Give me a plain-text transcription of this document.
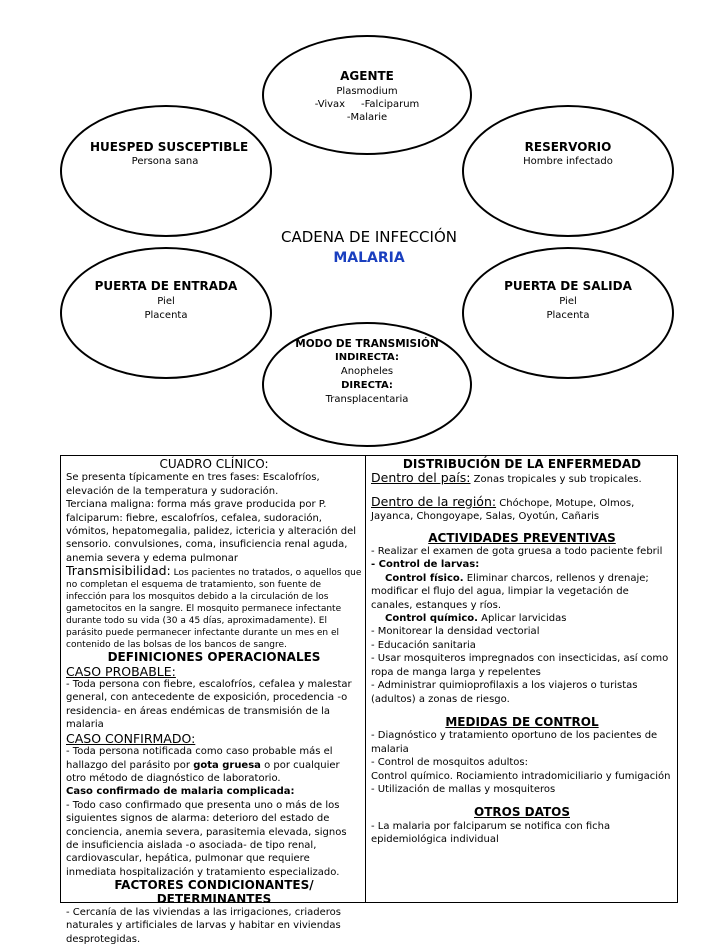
AGENTE
Plasmodium
-Vivax     -Falciparum
-Malarie
HUESPED SUSCEPTIBLE
Persona sana
RESERVORIO
Hombre infectado
CADENA DE INFECCIÓN
MALARIA
PUERTA DE ENTRADA
Piel
Placenta
PUERTA DE SALIDA
Piel
Placenta
MODO DE TRANSMISIÓN
INDIRECTA:
Anopheles
DIRECTA:
Transplacentaria

CUADRO CLÍNICO:

Se presenta típicamente en tres fases: Escalofríos, elevación de la temperatura y sudoración.

Terciana maligna: forma más grave producida por P. falciparum: fiebre, escalofríos, cefalea, sudoración, vómitos, hepatomegalia, palidez, ictericia y alteración del sensorio. convulsiones, coma, insuficiencia renal aguda, anemia severa y edema pulmonar

Transmisibilidad: Los pacientes no tratados, o aquellos que no completan el esquema de tratamiento, son fuente de infección para los mosquitos debido a la circulación de los gametocitos en la sangre. El mosquito permanece infectante durante todo su vida (30 a 45 días, aproximadamente). El parásito puede permanecer infectante durante un mes en el contenido de las bolsas de los bancos de sangre.

DEFINICIONES OPERACIONALES

CASO PROBABLE:

- Toda persona con fiebre, escalofríos, cefalea y malestar general, con antecedente de exposición, procedencia -o residencia- en áreas endémicas de transmisión de la malaria

CASO CONFIRMADO:

- Toda persona notificada como caso probable más el hallazgo del parásito por gota gruesa o por cualquier otro método de diagnóstico de laboratorio.

Caso confirmado de malaria complicada:

- Todo caso confirmado que presenta uno o más de los siguientes signos de alarma: deterioro del estado de conciencia, anemia severa, parasitemia elevada, signos de insuficiencia aislada -o asociada- de tipo renal, cardiovascular, hepática, pulmonar que requiere inmediata hospitalización y tratamiento especializado.

FACTORES CONDICIONANTES/ DETERMINANTES

- Cercanía de las viviendas a las irrigaciones, criaderos naturales y artificiales de larvas y habitar en viviendas desprotegidas.

DISTRIBUCIÓN DE LA ENFERMEDAD

Dentro del país: Zonas tropicales y sub tropicales.

Dentro de la región: Chóchope, Motupe, Olmos, Jayanca, Chongoyape, Salas, Oyotún, Cañaris

ACTIVIDADES PREVENTIVAS

- Realizar el examen de gota gruesa a todo paciente febril

- Control de larvas:

Control físico. Eliminar charcos, rellenos y drenaje; modificar el flujo del agua, limpiar la vegetación de canales, estanques y ríos.

Control químico. Aplicar larvicidas

- Monitorear la densidad vectorial

- Educación sanitaria

- Usar mosquiteros impregnados con insecticidas, así como ropa de manga larga y repelentes

- Administrar quimioprofilaxis a los viajeros o turistas (adultos) a zonas de riesgo.

MEDIDAS DE CONTROL

- Diagnóstico y tratamiento oportuno de los pacientes de malaria

- Control de mosquitos adultos:

Control químico. Rociamiento intradomiciliario y fumigación

- Utilización de mallas y mosquiteros

OTROS DATOS

- La malaria por falciparum se notifica con ficha epidemiológica individual
